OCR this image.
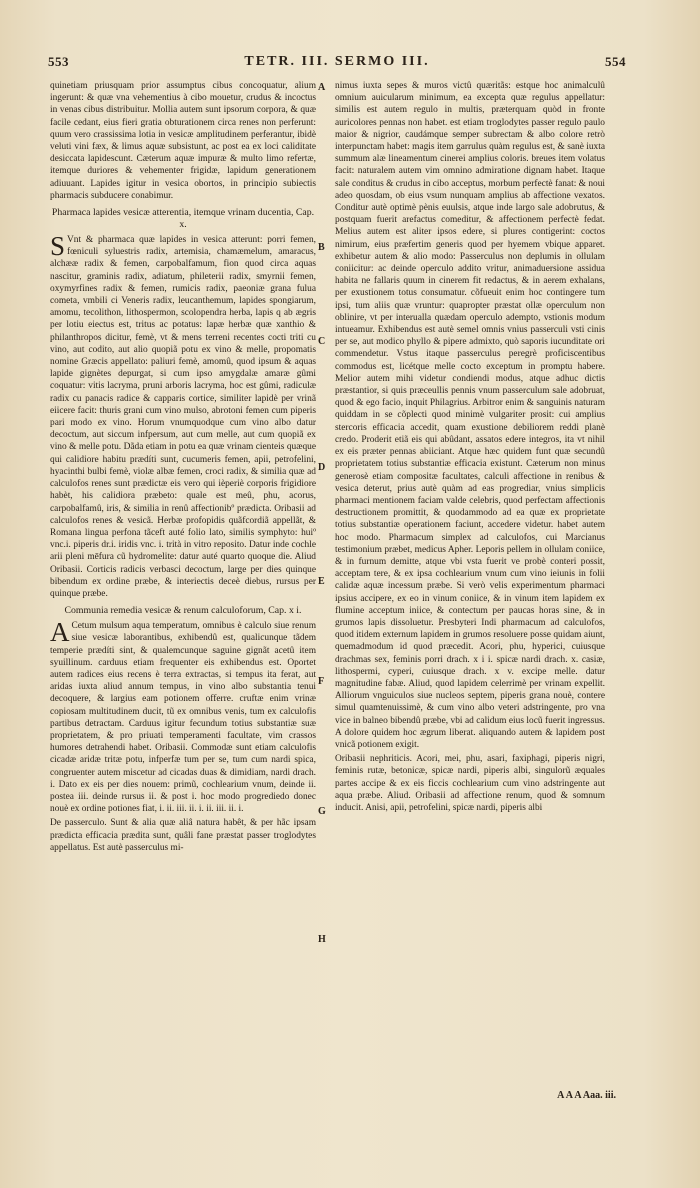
553	TETR. III. SERMO III.	554

quinetiam priusquam prior assumptus cibus concoquatur, alium ingerunt: & quæ vna vehementius à cibo mouetur, crudus & incoctus in venas cibus distribuitur. Mollia autem sunt ipsorum corpora, & quæ facile cedant, eius fieri gratia obturationem circa renes non perferunt: quum vero crassissima lotia in vesicæ amplitudinem perferantur, ibidè veluti vini fæx, & limus aquæ subsistunt, ac post ea ex loci caliditate desiccata lapidescunt. Cæterum aquæ impuræ & multo limo refertæ, itemque duriores & vehementer frigidæ, lapidum generationem adiuuant. Lapides igitur in vesica obortos, in principio subiectis pharmacis subducere conabimur.

Pharmaca lapides vesicæ atterentia, itemque vrinam ducentia, Cap. x.

S Vnt & pharmaca quæ lapides in vesica atterunt: porri femen, fœniculi syluestris radix, artemisia, chamæmelum, amaracus, alchææ radix & femen, carpobalfamum, fion quod circa aquas nascitur, graminis radix, adiatum, phileterii radix, smyrnii femen, oxymyrfines radix & femen, rumicis radix, paeoniæ grana fulua cometa, vmbili ci Veneris radix, leucanthemum, lapides spongiarum, amomu, tecolithon, lithospermon, scolopendra herba, lapis q ab ægris per lotiu eiectus est, tritus ac potatus: lapæ herbæ quæ xanthio & philanthropos dicitur, femè, vt & mens terreni recentes cocti triti cu vino, aut codito, aut alio quopiã potu ex vino & melle, propomatis nomine Græcis appellato: paliuri femè, amomû, quod ipsum & aquas lapide gignètes depurgat, si cum ipso amygdalæ amaræ gûmi coquatur: vitis lacryma, pruni arboris lacryma, hoc est gûmi, radiculæ radix cu panacis radice & capparis cortice, similiter lapidè per vrinã eiicere facit: thuris grani cum vino mulso, abrotoni femen cum piperis pari modo ex vino. Horum vnumquodque cum vino albo datur decoctum, aut siccum infpersum, aut cum melle, aut cum quopiã ex vino & melle potu. Dãda etiam in potu ea quæ vrinam cienteis quæque qui calidiore habitu prædíti sunt, cucumeris femen, apii, petrofelini, hyacinthi bulbi femè, violæ albæ femen, croci radix, & similia quæ ad calculofos renes sunt prædictæ eis vero qui ièperiè corporis frigidiore habèt, his calidiora præbeto: quale est meû, phu, acorus, carpobalfamû, iris, & similia in renû affectionibº prædicta. Oribasii ad calculofos renes & vesicã. Herbæ profopidis quãfcordiã appellãt, & Romana lingua perfona tãceft auté folio lato, similis symphyto: huiº vnc.i. piperis dr.i. iridis vnc. i. trità in vitro reposito. Datur inde cochle arii pleni mēfura cũ hydromelite: datur auté quarto quoque die. Aliud Oribasii. Corticis radicis verbasci decoctum, large per dies quinque bibendum ex ordine præbe, & interiectis deceè diebus, rursus per quinque præbe.

Communia remedia vesicæ & renum calculoforum, Cap. x i.

A Cetum mulsum aqua temperatum, omnibus è calculo siue renum siue vesicæ laborantibus, exhibendû est, qualicunque tãdem temperie prædíti sint, & qualemcunque saguine gignãt acetû item syuillinum. carduus etiam frequenter eis exhibendus est. Oportet autem radices eius recens è terra extractas, si tempus ita ferat, aut aridas iuxta aliud annum tempus, in vino albo substantia tenui decoquere, & largius eam potionem offerre. cruftæ enim vrinæ copiosam multitudinem ducit, tũ ex omnibus venis, tum ex calculofis partibus detractam. Carduus igitur fecundum totius substantiæ suæ proprietatem, & pro priuati temperamenti facultate, vim crassos humores detrahendi habet. Oribasii. Commodæ sunt etiam calculofis cicadæ aridæ tritæ potu, infperfæ tum per se, tum cum nardi spica, congruenter autem miscetur ad cicadas duas & dimidiam, nardi drach. i. Dato ex eis per dies nouem: primũ, cochlearium vnum, deinde ii. postea iii. deinde rursus ii. & post i. hoc modo progrediedo donec nouè ex ordine potiones fiat, i. ii. iii. ii. i. ii. iii. ii. i.

De passerculo. Sunt & alia quæ aliâ natura habêt, & per hãc ipsam prædicta efficacia prædita sunt, quâli fane præstat passer troglodytes appellatus. Est autè passerculus mi-

A
B
C
D
E
F
G
H

nimus iuxta sepes & muros victû quæritãs: estque hoc animalculû omnium auicularum minimum, ea excepta quæ regulus appellatur: similis est autem regulo in multis, præterquam quòd in fronte auricolores pennas non habet. est etiam troglodytes passer regulo paulo maior & nigrior, caudámque semper subrectam & albo colore retrò interpunctam habet: magis item garrulus quàm regulus est, & sanè iuxta summum alæ lineamentum cinerei amplius coloris. breues item volatus facit: naturalem autem vim omnino admiratione dignam habet. Itaque sale conditus & crudus in cibo acceptus, morbum perfectè fanat: & noui adeo quosdam, ob eius vsum nunquam amplius ab affectione vexatos. Conditur autè optimè pènis euulsis, atque inde largo sale adobrutus, & postquam fuerit arefactus comeditur, & affectionem perfectè fedat. Melius autem est aliter ipsos edere, si plures contigerint: coctos nimirum, eius præfertim generis quod per hyemem vbique apparet. exhibetur autem & alio modo: Passerculus non deplumis in ollulam coniicitur: ac deinde operculo addito vritur, animaduersione assidua habita ne fallaris quum in cinerem fit redactus, & in aerem exhalans, per exustionem totus consumatur. cõfueuit enim hoc contingere tum ipsi, tum aliis quæ vruntur: quapropter præstat ollæ operculum non oblinire, vt per interualla quædam operculo adempto, vstionis modum intueamur. Exhibendus est autè semel omnis vnius passerculi vsti cinis per se, aut modico phyllo & pipere admixto, quò saporis iucunditate ori commendetur. Vstus itaque passerculus peregrè proficiscentibus commodus est, licétque melle cocto exceptum in promptu habere. Melior autem mihi videtur condiendi modus, atque adhuc dictis præstantior, si quis præceullis pennis vnum passerculum sale adobruat, quod & ego facio, inquit Philagrius. Arbitror enim & sanguinis naturam quiddam in se cõplecti quod minimè vulgariter prosit: cui amplius stercoris efficacia accedit, quam exustione debiliorem reddi planè credo. Proderit etiã eis qui abûdant, assatos edere integros, ita vt nihil ex eis præter pennas abiiciant. Atque hæc quidem funt quæ secundû proprietatem totius substantiæ efficacia existunt. Cæterum non minus generosè etiam compositæ facultates, calculi affectione in renibus & vesica deterut, prius autè quàm ad eas progrediar, vnius simplicis pharmaci mentionem faciam valde celebris, quod perfectam affectionis destructionem promittit, & quodammodo ad ea quæ ex proprietate totius substantiæ operationem faciunt, accedere videtur. habet autem hoc modo. Pharmacum simplex ad calculofos, cui Marcianus testimonium præbet, medicus Apher. Leporis pellem in ollulam coniice, & in furnum demitte, atque vbi vsta fuerit ve probè conteri possit, acceptam tere, & ex ipsa cochlearium vnum cum vino ieiunis in folii calidæ aquæ incessum præbe. Si verò velis experimentum pharmaci ipsius accipere, ex eo in vinum coniice, & in vinum item lapidem ex flumine acceptum iniice, & contectum per paucas horas sine, & in grumos lapis dissoluetur. Presbyteri Indi pharmacum ad calculofos, quod itidem externum lapidem in grumos resoluere posse quidam aiunt, quemadmodum id quod præcedit. Acori, phu, hyperici, cuiusque drachmas sex, feminis porri drach. x i i. spicæ nardi drach. x. casiæ, lithospermi, cyperi, cuiusque drach. x v. excipe melle. datur magnitudine fabæ. Aliud, quod lapidem celerrimè per vrinam expellit. Alliorum vnguiculos siue nucleos septem, piperis grana nouè, contere simul quamtenuissimè, & cum vino albo veteri adstringente, pro vna vice in balneo bibendû præbe, vbi ad calidum eius locũ fuerit ingressus. A dolore quidem hoc ægrum liberat. aliquando autem & lapidem post vnicã potionem exigit.

Oribasii nephriticis. Acori, mei, phu, asari, faxiphagi, piperis nigri, feminis rutæ, betonicæ, spicæ nardi, piperis albi, singulorũ æquales partes accipe & ex eis ficcis cochlearium cum vino adstringente aut aqua præbe. Aliud. Oribasii ad affectione renum, quod & somnum inducit. Anisi, apii, petrofelini, spicæ nardi, piperis albi

A A A Aaa. iii.
